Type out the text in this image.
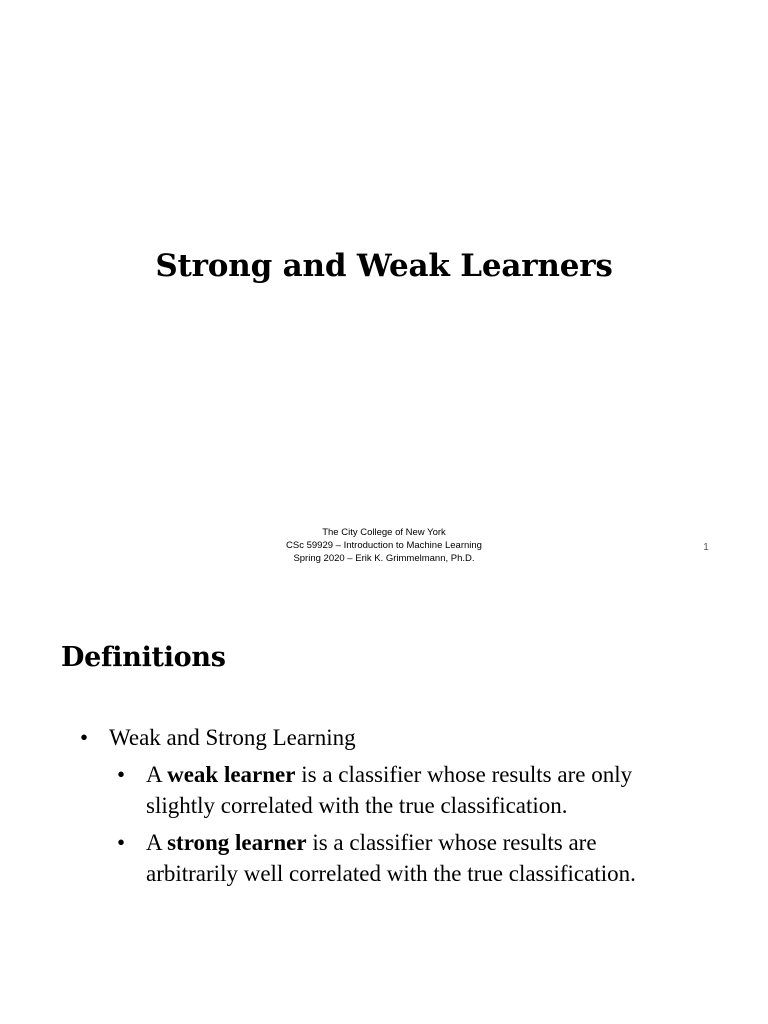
Strong and Weak Learners
The City College of New York
CSc 59929 – Introduction to Machine Learning
Spring 2020 – Erik K. Grimmelmann, Ph.D.
1
Definitions
• Weak and Strong Learning
• A weak learner is a classifier whose results are only slightly correlated with the true classification.
• A strong learner is a classifier whose results are arbitrarily well correlated with the true classification.
